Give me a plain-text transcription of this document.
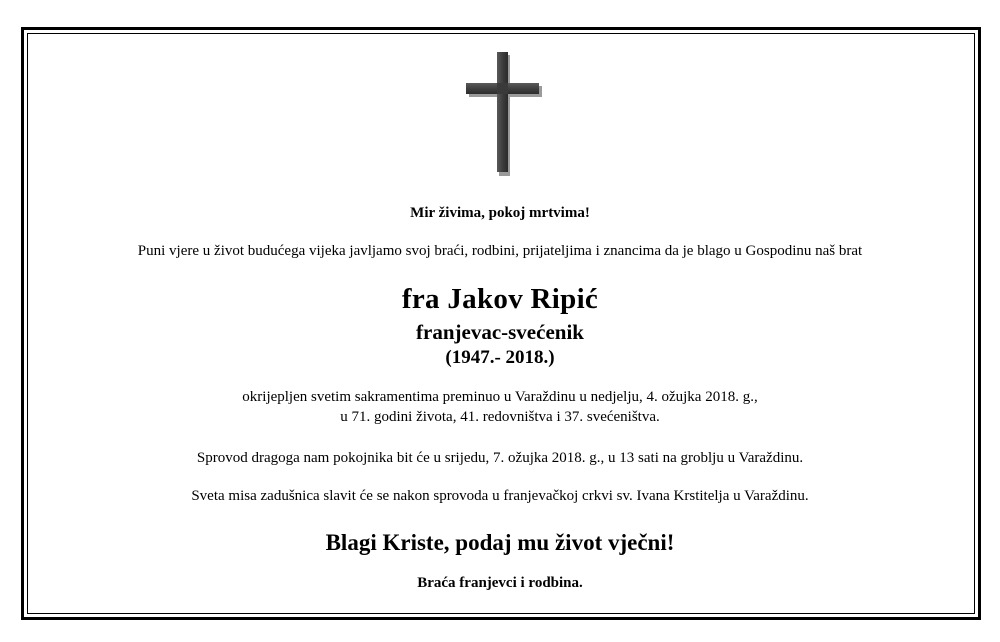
Mir živima, pokoj mrtvima!
Puni vjere u život budućega vijeka javljamo svoj braći, rodbini, prijateljima i znancima da je blago u Gospodinu naš brat
fra Jakov Ripić
franjevac-svećenik
(1947.- 2018.)
okrijepljen svetim sakramentima preminuo u Varaždinu u nedjelju, 4. ožujka 2018. g.,
u 71. godini života, 41. redovništva i 37. svećeništva.
Sprovod dragoga nam pokojnika bit će u srijedu, 7. ožujka 2018. g., u 13 sati na groblju u Varaždinu.
Sveta misa zadušnica slavit će se nakon sprovoda u franjevačkoj crkvi sv. Ivana Krstitelja u Varaždinu.
Blagi Kriste, podaj mu život vječni!
Braća franjevci i rodbina.
